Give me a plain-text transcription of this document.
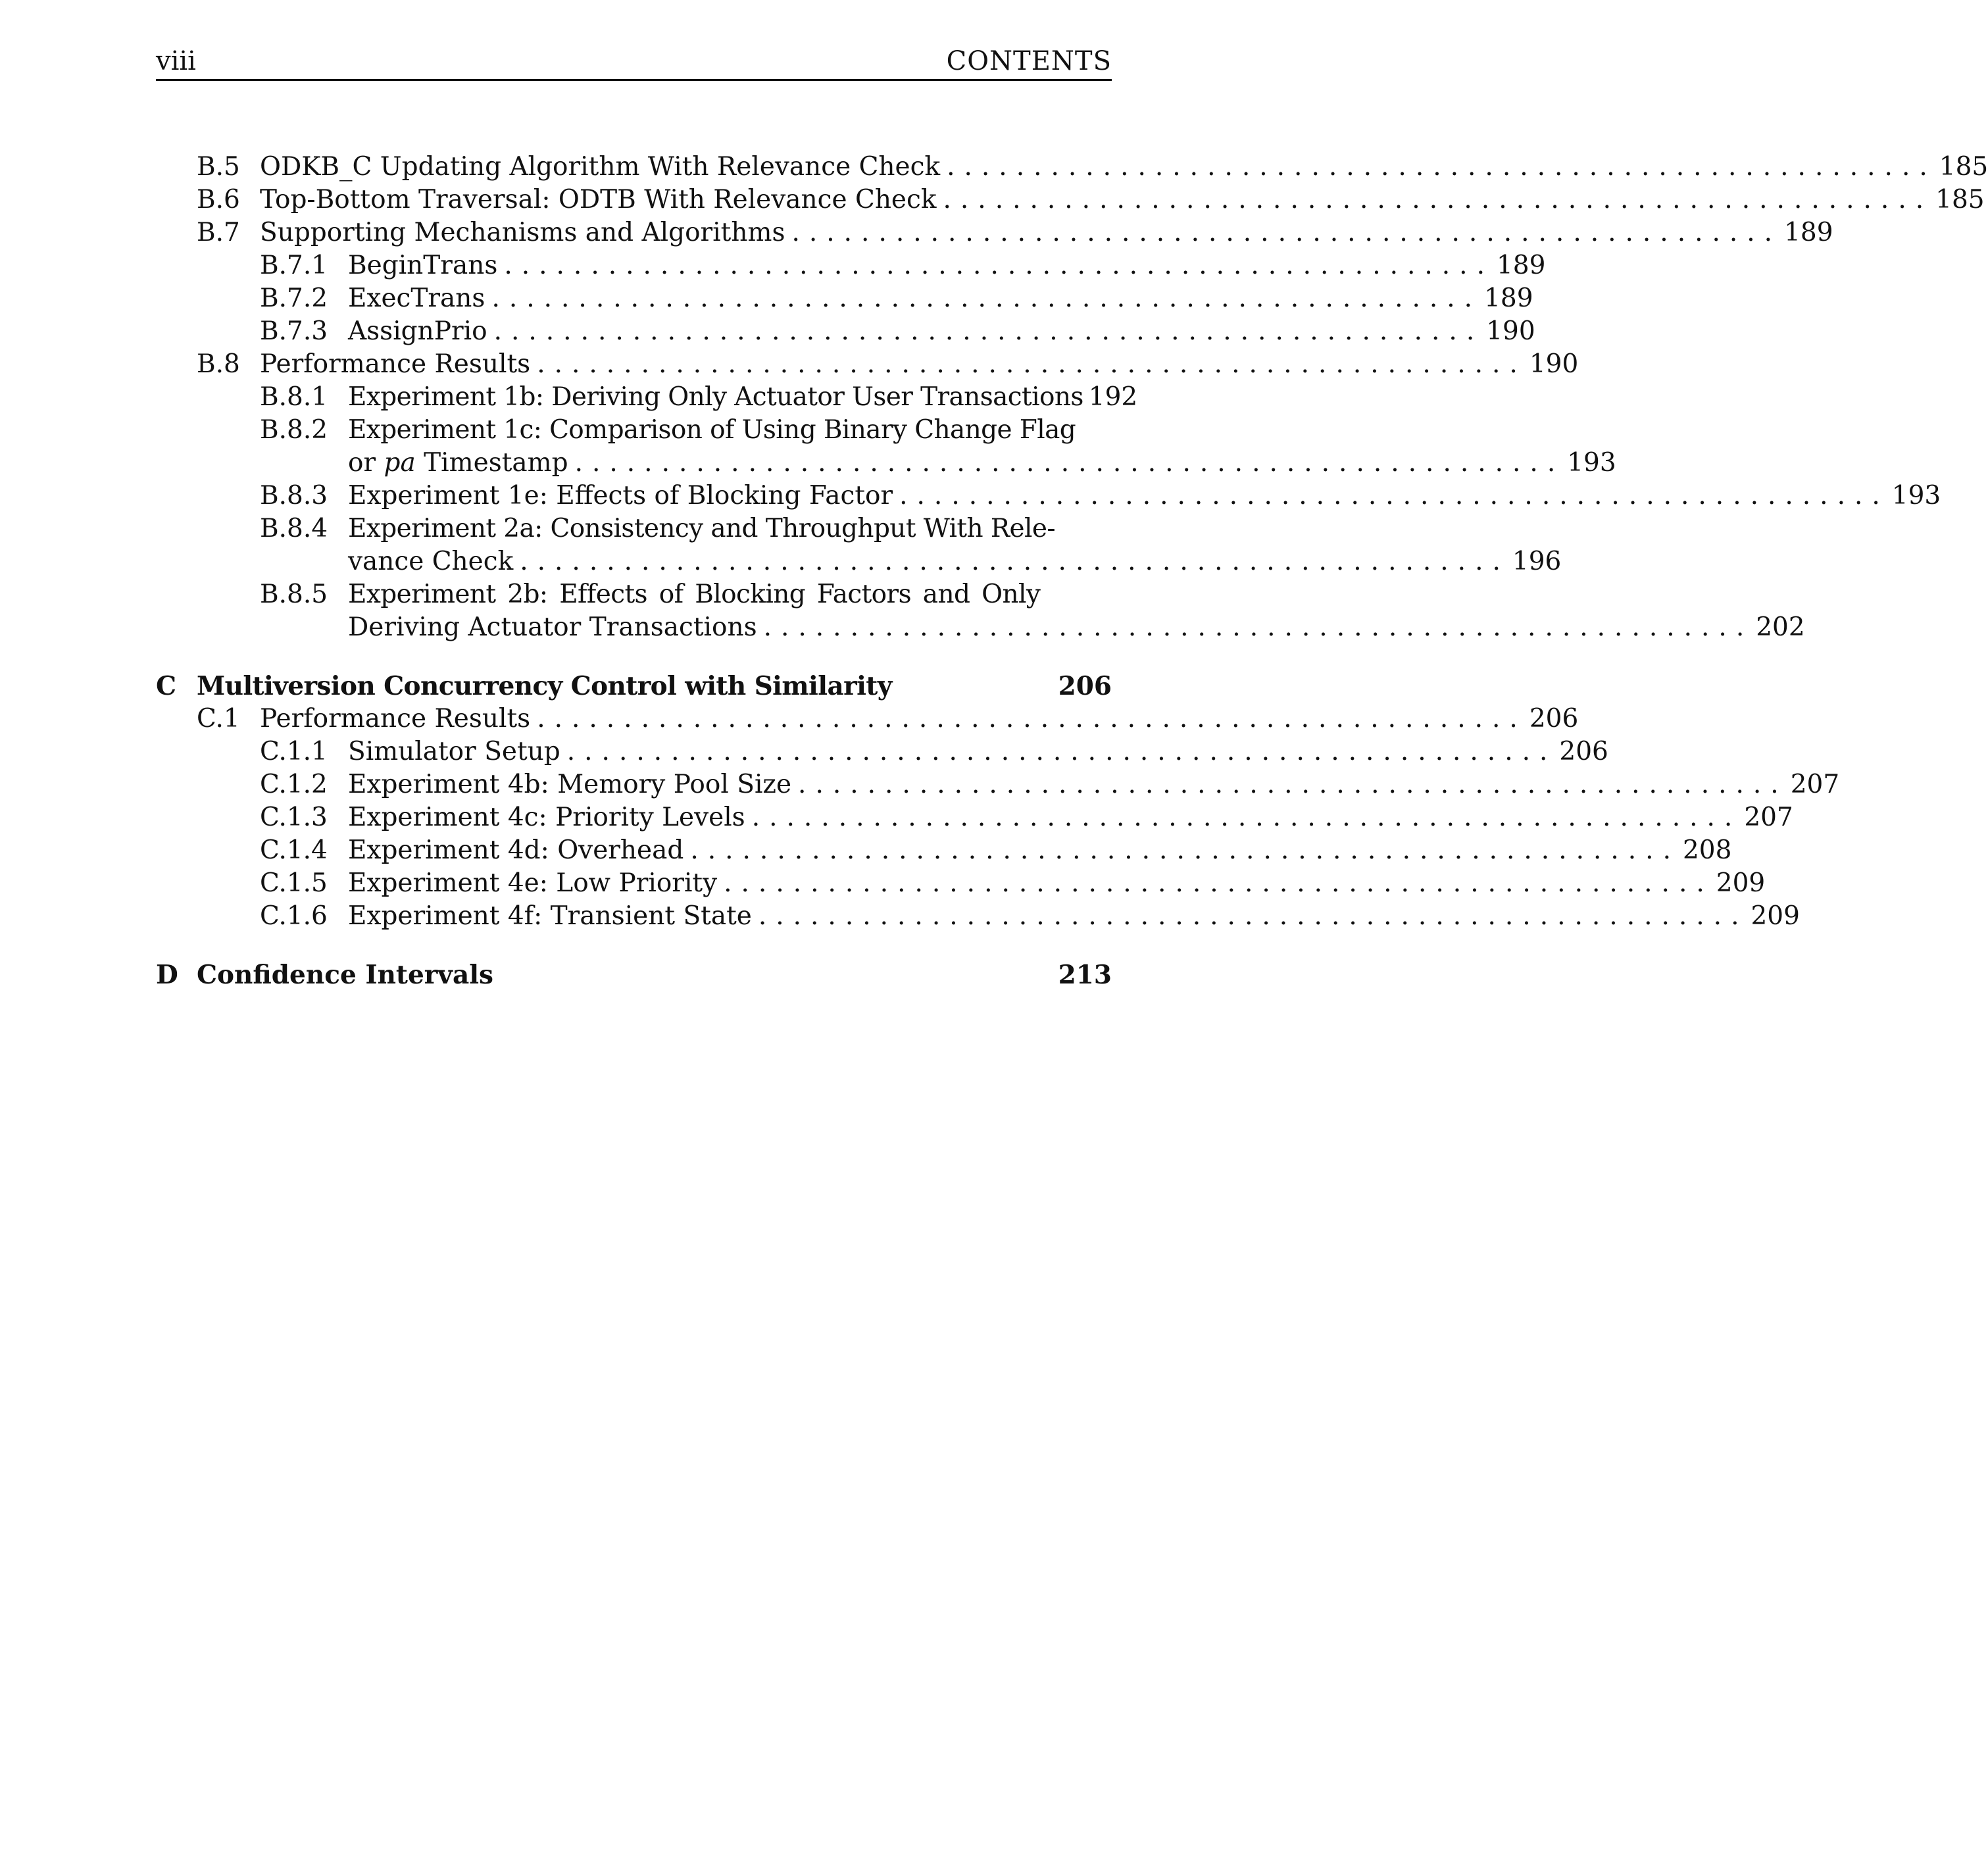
viii	CONTENTS
B.5 ODKB_C Updating Algorithm With Relevance Check ......................................................... 185
B.6 Top-Bottom Traversal: ODTB With Relevance Check ......................................................... 185
B.7 Supporting Mechanisms and Algorithms ......................................................... 189
B.7.1 BeginTrans ......................................................... 189
B.7.2 ExecTrans ......................................................... 189
B.7.3 AssignPrio ......................................................... 190
B.8 Performance Results ......................................................... 190
B.8.1 Experiment 1b: Deriving Only Actuator User Transactions 192
B.8.2 Experiment 1c: Comparison of Using Binary Change Flag
or pa Timestamp ......................................................... 193
B.8.3 Experiment 1e: Effects of Blocking Factor ......................................................... 193
B.8.4 Experiment 2a: Consistency and Throughput With Rele-
vance Check ......................................................... 196
B.8.5 Experiment 2b: Effects of Blocking Factors and Only
Deriving Actuator Transactions ......................................................... 202
C Multiversion Concurrency Control with Similarity	206
C.1 Performance Results ......................................................... 206
C.1.1 Simulator Setup ......................................................... 206
C.1.2 Experiment 4b: Memory Pool Size ......................................................... 207
C.1.3 Experiment 4c: Priority Levels ......................................................... 207
C.1.4 Experiment 4d: Overhead ......................................................... 208
C.1.5 Experiment 4e: Low Priority ......................................................... 209
C.1.6 Experiment 4f: Transient State ......................................................... 209
D Confidence Intervals	213
